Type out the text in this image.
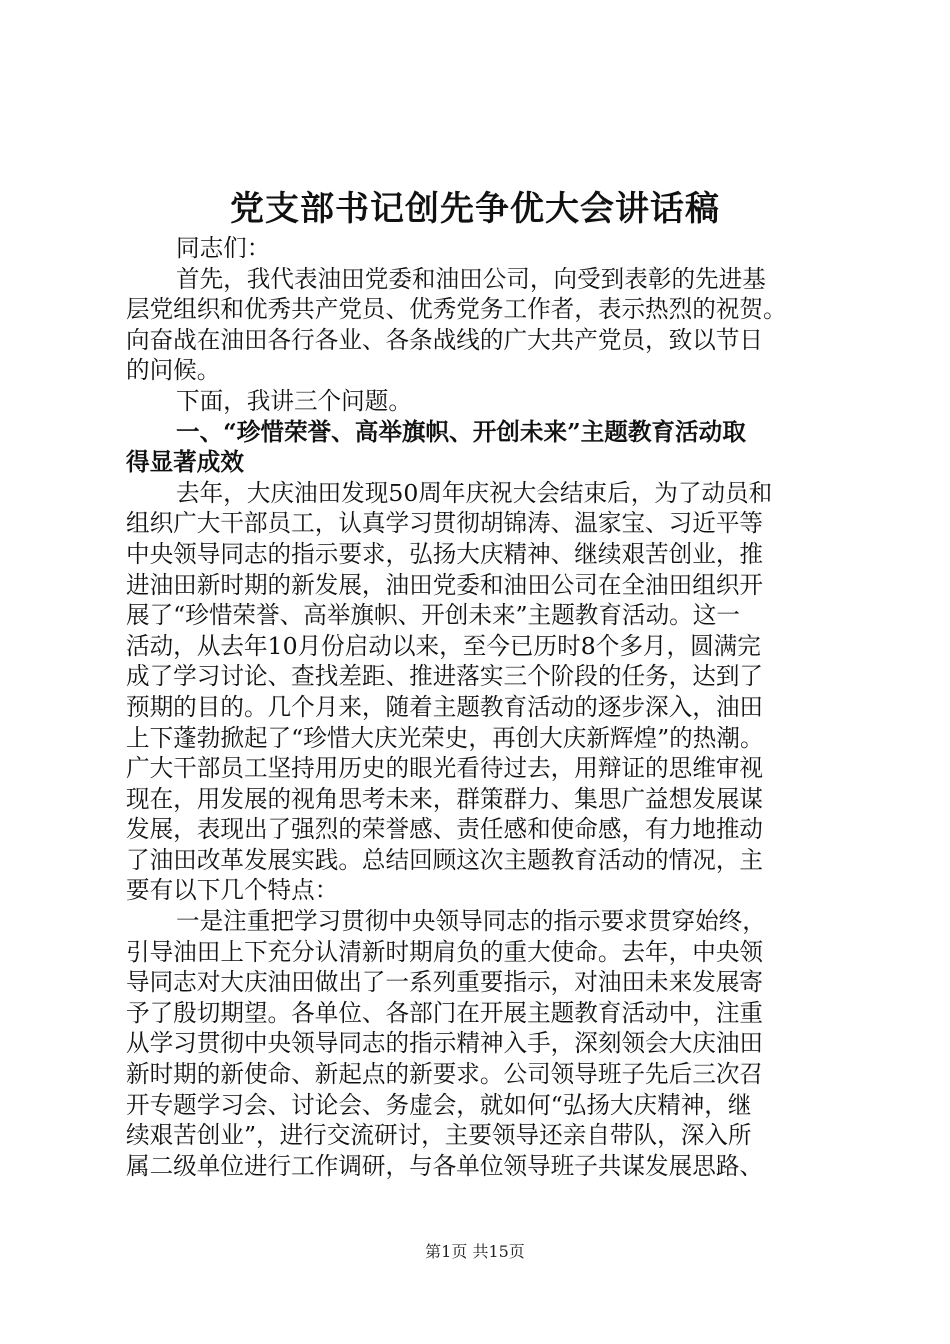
党支部书记创先争优大会讲话稿
同志们：
首先，我代表油田党委和油田公司，向受到表彰的先进基
层党组织和优秀共产党员、优秀党务工作者，表示热烈的祝贺。
向奋战在油田各行各业、各条战线的广大共产党员，致以节日
的问候。
下面，我讲三个问题。
一、“珍惜荣誉、高举旗帜、开创未来”主题教育活动取
得显著成效
去年，大庆油田发现50周年庆祝大会结束后，为了动员和
组织广大干部员工，认真学习贯彻胡锦涛、温家宝、习近平等
中央领导同志的指示要求，弘扬大庆精神、继续艰苦创业，推
进油田新时期的新发展，油田党委和油田公司在全油田组织开
展了“珍惜荣誉、高举旗帜、开创未来”主题教育活动。这一
活动，从去年10月份启动以来，至今已历时8个多月，圆满完
成了学习讨论、查找差距、推进落实三个阶段的任务，达到了
预期的目的。几个月来，随着主题教育活动的逐步深入，油田
上下蓬勃掀起了“珍惜大庆光荣史，再创大庆新辉煌”的热潮。
广大干部员工坚持用历史的眼光看待过去，用辩证的思维审视
现在，用发展的视角思考未来，群策群力、集思广益想发展谋
发展，表现出了强烈的荣誉感、责任感和使命感，有力地推动
了油田改革发展实践。总结回顾这次主题教育活动的情况，主
要有以下几个特点：
一是注重把学习贯彻中央领导同志的指示要求贯穿始终，
引导油田上下充分认清新时期肩负的重大使命。去年，中央领
导同志对大庆油田做出了一系列重要指示，对油田未来发展寄
予了殷切期望。各单位、各部门在开展主题教育活动中，注重
从学习贯彻中央领导同志的指示精神入手，深刻领会大庆油田
新时期的新使命、新起点的新要求。公司领导班子先后三次召
开专题学习会、讨论会、务虚会，就如何“弘扬大庆精神，继
续艰苦创业”，进行交流研讨，主要领导还亲自带队，深入所
属二级单位进行工作调研，与各单位领导班子共谋发展思路、
第1页 共15页
